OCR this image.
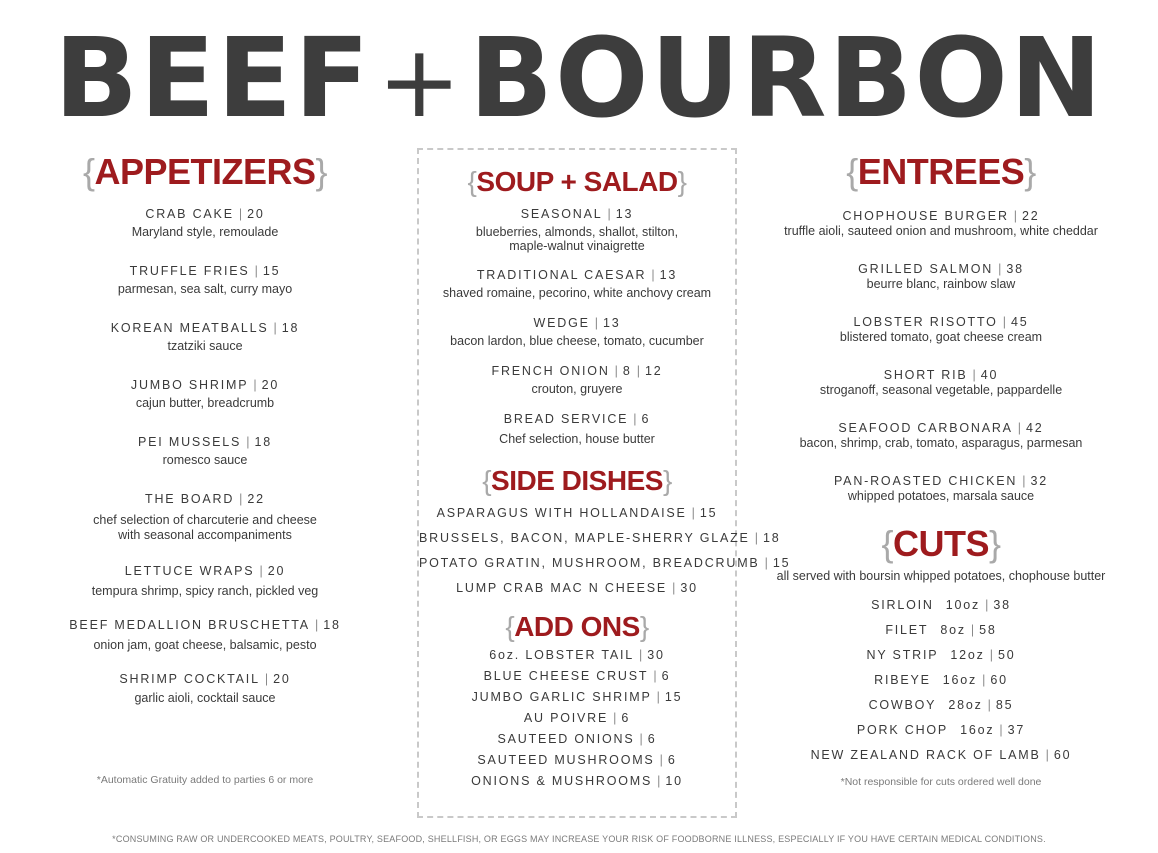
BEEF+BOURBON
{APPETIZERS}
CRAB CAKE | 20
Maryland style, remoulade
TRUFFLE FRIES | 15
parmesan, sea salt, curry mayo
KOREAN MEATBALLS | 18
tzatziki sauce
JUMBO SHRIMP | 20
cajun butter, breadcrumb
PEI MUSSELS | 18
romesco sauce
THE BOARD | 22
chef selection of charcuterie and cheese with seasonal accompaniments
LETTUCE WRAPS | 20
tempura shrimp, spicy ranch, pickled veg
BEEF MEDALLION BRUSCHETTA | 18
onion jam, goat cheese, balsamic, pesto
SHRIMP COCKTAIL | 20
garlic aioli, cocktail sauce
*Automatic Gratuity added to parties 6 or more
{SOUP + SALAD}
SEASONAL | 13
blueberries, almonds, shallot, stilton, maple-walnut vinaigrette
TRADITIONAL CAESAR | 13
shaved romaine, pecorino, white anchovy cream
WEDGE | 13
bacon lardon, blue cheese, tomato, cucumber
FRENCH ONION | 8 | 12
crouton, gruyere
BREAD SERVICE | 6
Chef selection, house butter
{SIDE DISHES}
ASPARAGUS WITH HOLLANDAISE | 15
BRUSSELS, BACON, MAPLE-SHERRY GLAZE | 18
POTATO GRATIN, MUSHROOM, BREADCRUMB | 15
LUMP CRAB MAC N CHEESE | 30
{ADD ONS}
6oz. LOBSTER TAIL | 30
BLUE CHEESE CRUST | 6
JUMBO GARLIC SHRIMP | 15
AU POIVRE | 6
SAUTEED ONIONS | 6
SAUTEED MUSHROOMS | 6
ONIONS & MUSHROOMS | 10
{ENTREES}
CHOPHOUSE BURGER | 22
truffle aioli, sauteed onion and mushroom, white cheddar
GRILLED SALMON | 38
beurre blanc, rainbow slaw
LOBSTER RISOTTO | 45
blistered tomato, goat cheese cream
SHORT RIB | 40
stroganoff, seasonal vegetable, pappardelle
SEAFOOD CARBONARA | 42
bacon, shrimp, crab, tomato, asparagus, parmesan
PAN-ROASTED CHICKEN | 32
whipped potatoes, marsala sauce
{CUTS}
all served with boursin whipped potatoes, chophouse butter
SIRLOIN 10oz | 38
FILET 8oz | 58
NY STRIP 12oz | 50
RIBEYE 16oz | 60
COWBOY 28oz | 85
PORK CHOP 16oz | 37
NEW ZEALAND RACK OF LAMB | 60
*Not responsible for cuts ordered well done
*CONSUMING RAW OR UNDERCOOKED MEATS, POULTRY, SEAFOOD, SHELLFISH, OR EGGS MAY INCREASE YOUR RISK OF FOODBORNE ILLNESS, ESPECIALLY IF YOU HAVE CERTAIN MEDICAL CONDITIONS.
